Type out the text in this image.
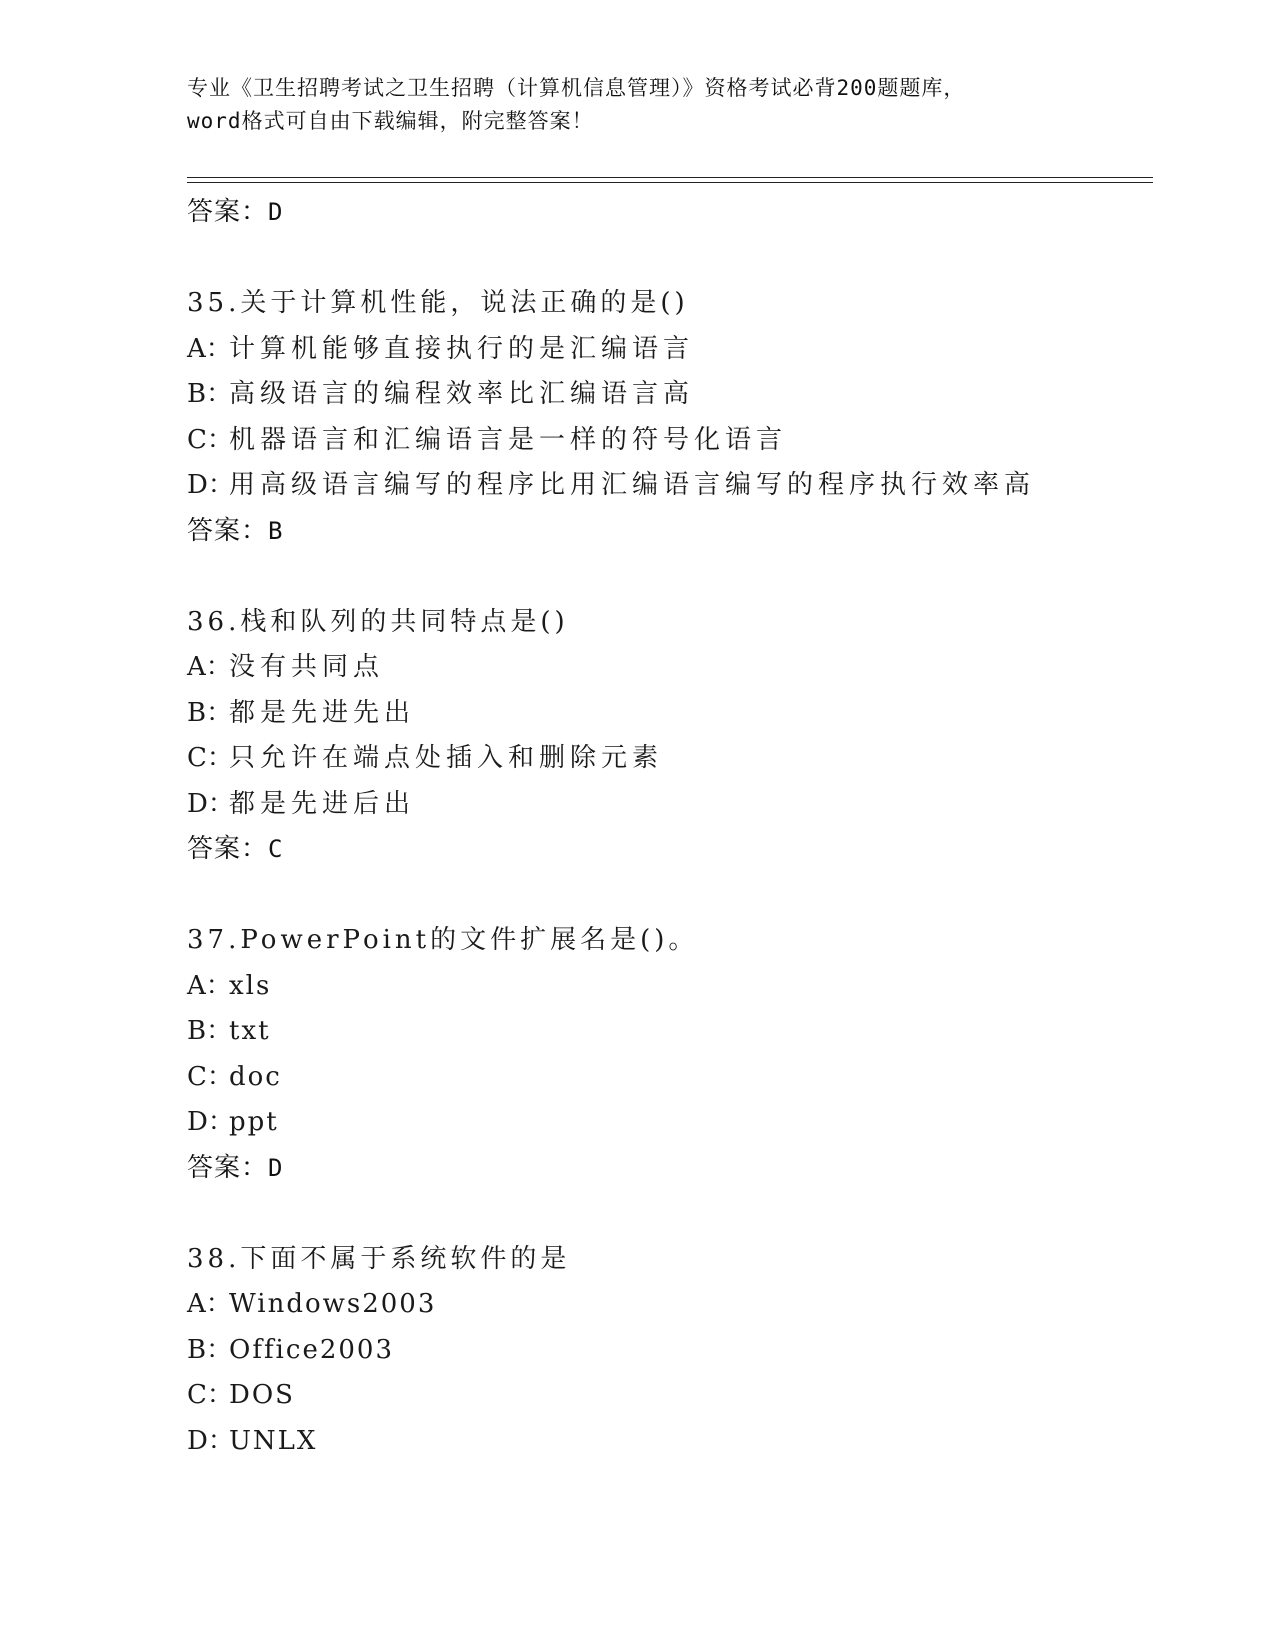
专业《卫生招聘考试之卫生招聘（计算机信息管理）》资格考试必背200题题库，
word格式可自由下载编辑，附完整答案！
答案：D
35.关于计算机性能，说法正确的是()
A：计算机能够直接执行的是汇编语言
B：高级语言的编程效率比汇编语言高
C：机器语言和汇编语言是一样的符号化语言
D：用高级语言编写的程序比用汇编语言编写的程序执行效率高
答案：B
36.栈和队列的共同特点是()
A：没有共同点
B：都是先进先出
C：只允许在端点处插入和删除元素
D：都是先进后出
答案：C
37.PowerPoint的文件扩展名是()。
A：xls
B：txt
C：doc
D：ppt
答案：D
38.下面不属于系统软件的是
A：Windows2003
B：Office2003
C：DOS
D：UNLX
